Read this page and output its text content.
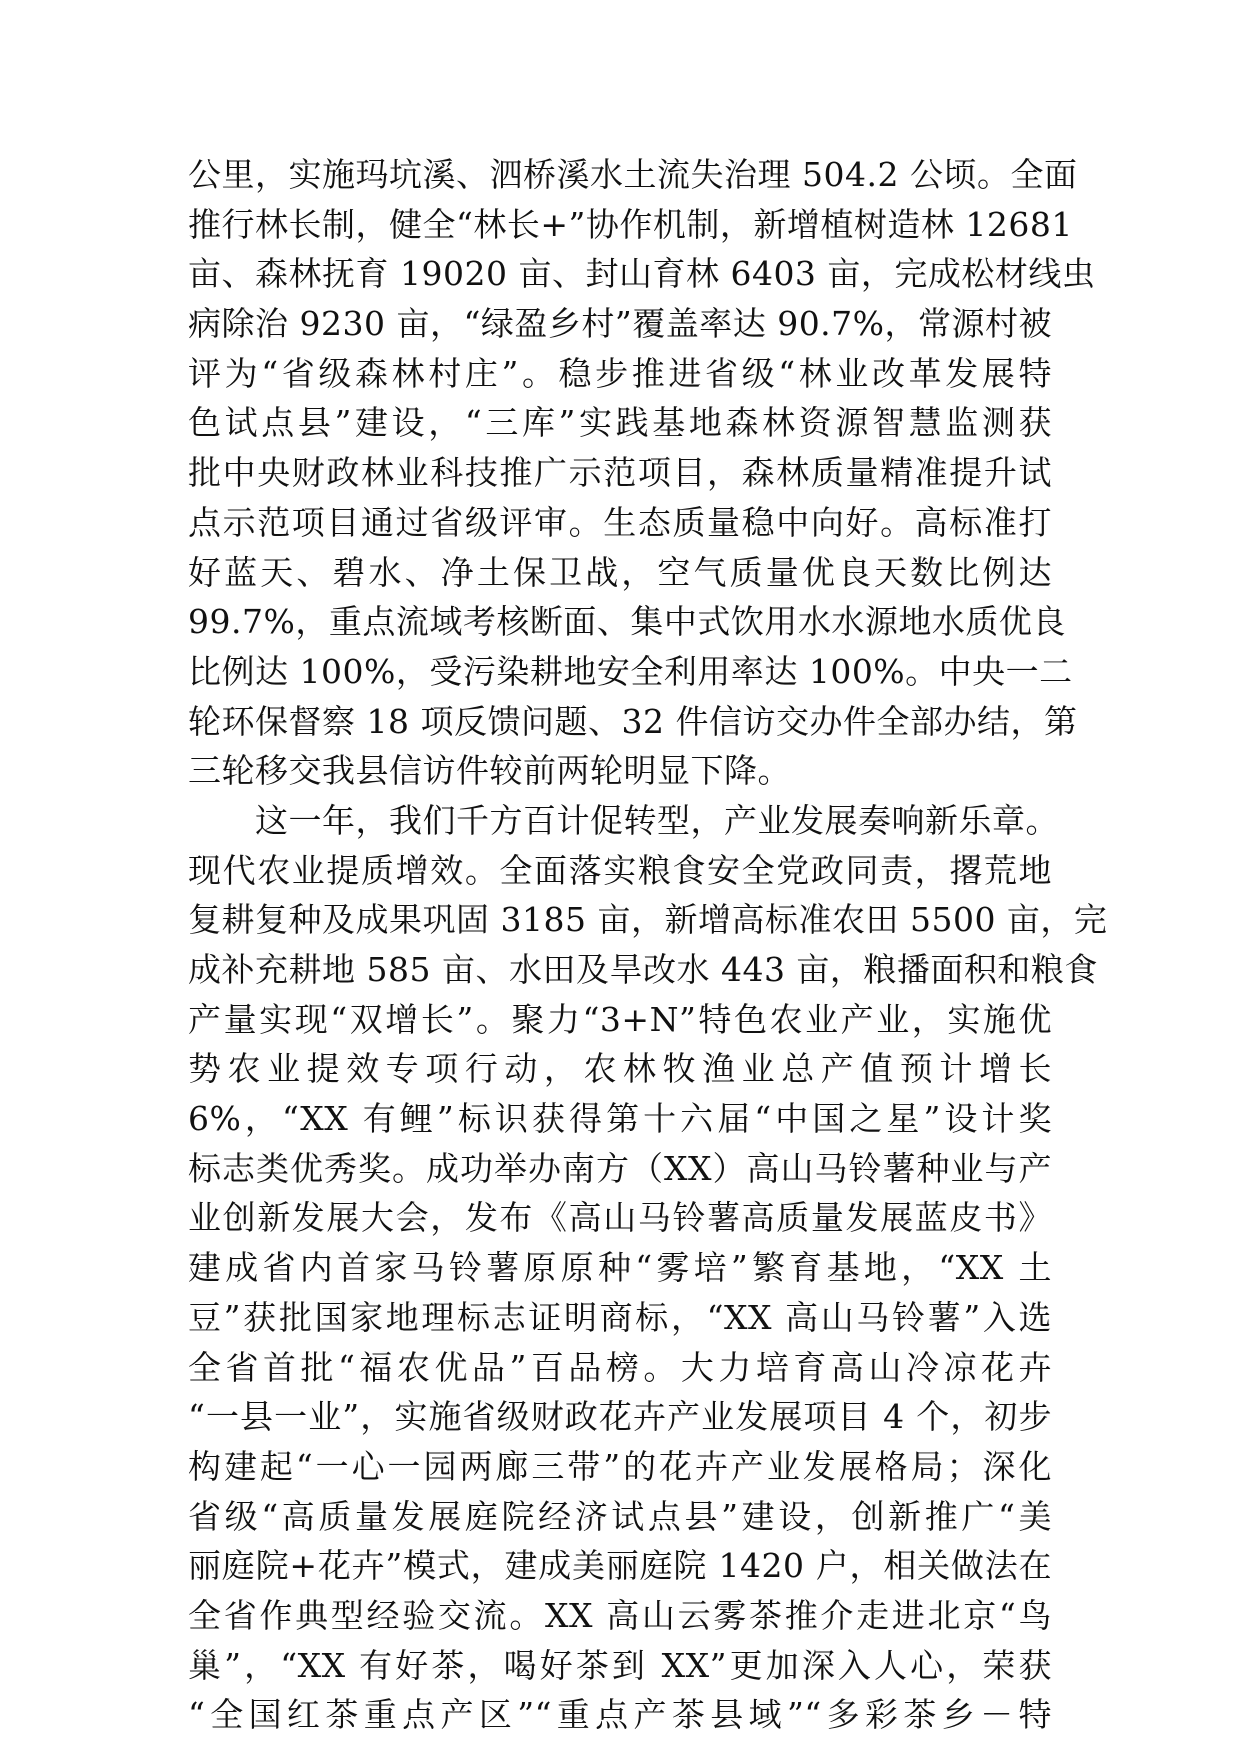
公里，实施玛坑溪、泗桥溪水土流失治理 504.2 公顷。全面
推行林长制，健全“林长+”协作机制，新增植树造林 12681
亩、森林抚育 19020 亩、封山育林 6403 亩，完成松材线虫
病除治 9230 亩，“绿盈乡村”覆盖率达 90.7%，常源村被
评为“省级森林村庄”。稳步推进省级“林业改革发展特
色试点县”建设，“三库”实践基地森林资源智慧监测获
批中央财政林业科技推广示范项目，森林质量精准提升试
点示范项目通过省级评审。生态质量稳中向好。高标准打
好蓝天、碧水、净土保卫战，空气质量优良天数比例达
99.7%，重点流域考核断面、集中式饮用水水源地水质优良
比例达 100%，受污染耕地安全利用率达 100%。中央一二
轮环保督察 18 项反馈问题、32 件信访交办件全部办结，第
三轮移交我县信访件较前两轮明显下降。
　　这一年，我们千方百计促转型，产业发展奏响新乐章。
现代农业提质增效。全面落实粮食安全党政同责，撂荒地
复耕复种及成果巩固 3185 亩，新增高标准农田 5500 亩，完
成补充耕地 585 亩、水田及旱改水 443 亩，粮播面积和粮食
产量实现“双增长”。聚力“3+N”特色农业产业，实施优
势农业提效专项行动，农林牧渔业总产值预计增长
6%，“XX 有鲤”标识获得第十六届“中国之星”设计奖
标志类优秀奖。成功举办南方（XX）高山马铃薯种业与产
业创新发展大会，发布《高山马铃薯高质量发展蓝皮书》
建成省内首家马铃薯原原种“雾培”繁育基地，“XX 土
豆”获批国家地理标志证明商标，“XX 高山马铃薯”入选
全省首批“福农优品”百品榜。大力培育高山冷凉花卉
“一县一业”，实施省级财政花卉产业发展项目 4 个，初步
构建起“一心一园两廊三带”的花卉产业发展格局；深化
省级“高质量发展庭院经济试点县”建设，创新推广“美
丽庭院+花卉”模式，建成美丽庭院 1420 户，相关做法在
全省作典型经验交流。XX 高山云雾茶推介走进北京“鸟
巢”，“XX 有好茶，喝好茶到 XX”更加深入人心，荣获
“全国红茶重点产区”“重点产茶县域”“多彩茶乡－特
